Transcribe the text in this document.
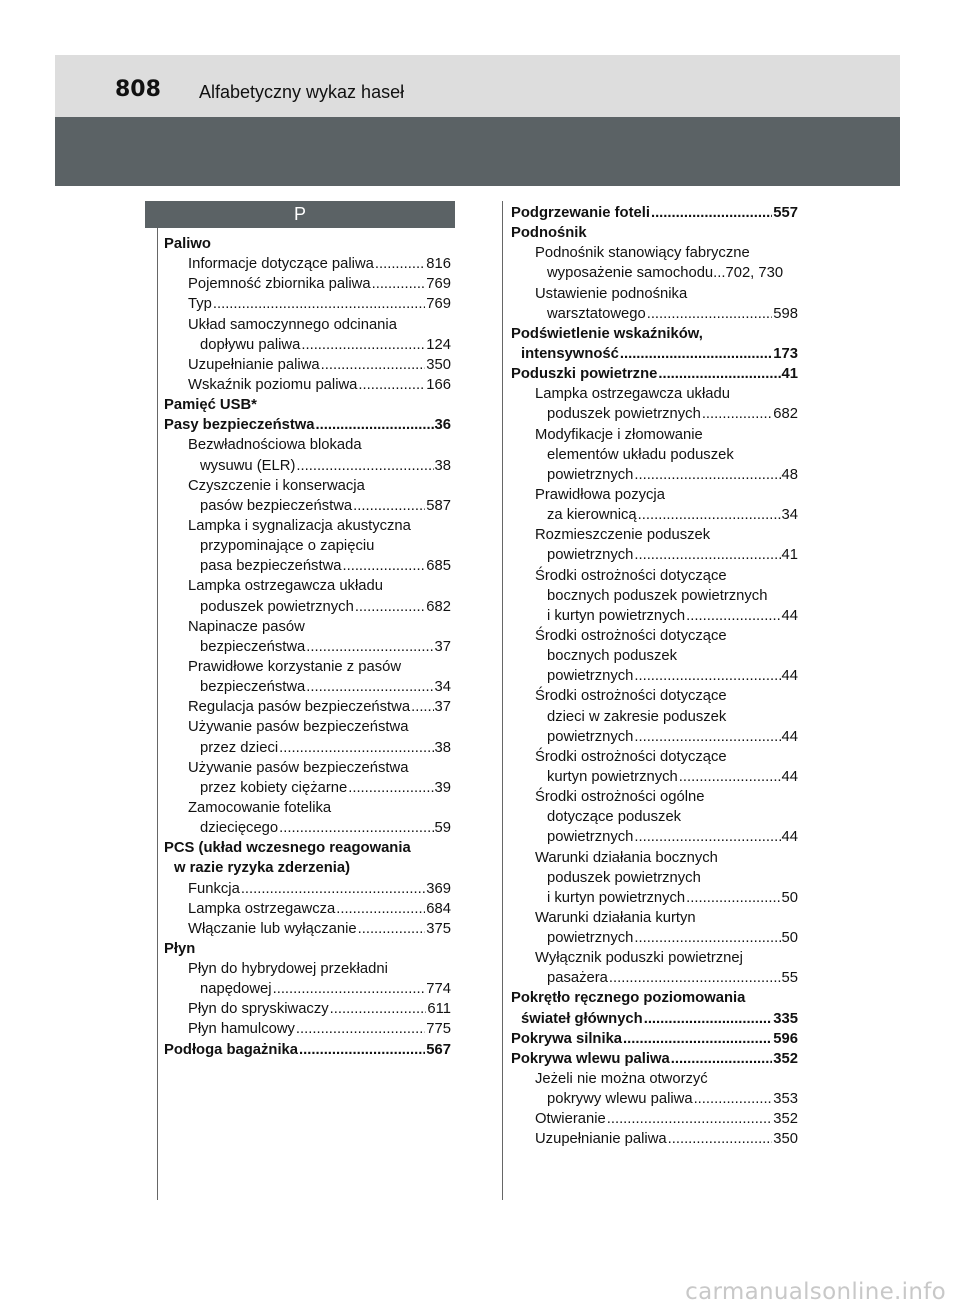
808 Alfabetyczny wykaz haseł
P
Paliwo
Informacje dotyczące paliwa .....	816
Pojemność zbiornika paliwa .....	769
Typ .....	769
Układ samoczynnego odcinania
dopływu paliwa .....	124
Uzupełnianie paliwa .....	350
Wskaźnik poziomu paliwa .....	166
Pamięć USB*
Pasy bezpieczeństwa .....	36
Bezwładnościowa blokada
wysuwu (ELR) .....	38
Czyszczenie i konserwacja
pasów bezpieczeństwa .....	587
Lampka i sygnalizacja akustyczna
przypominające o zapięciu
pasa bezpieczeństwa .....	685
Lampka ostrzegawcza układu
poduszek powietrznych .....	682
Napinacze pasów
bezpieczeństwa .....	37
Prawidłowe korzystanie z pasów
bezpieczeństwa .....	34
Regulacja pasów bezpieczeństwa ..... 37
Używanie pasów bezpieczeństwa
przez dzieci .....	38
Używanie pasów bezpieczeństwa
przez kobiety ciężarne .....	39
Zamocowanie fotelika
dziecięcego .....	59
PCS (układ wczesnego reagowania
w razie ryzyka zderzenia)
Funkcja .....	369
Lampka ostrzegawcza .....	684
Włączanie lub wyłączanie .....	375
Płyn
Płyn do hybrydowej przekładni
napędowej .....	774
Płyn do spryskiwaczy .....	611
Płyn hamulcowy .....	775
Podłoga bagażnika .....	567
Podgrzewanie foteli .....	557
Podnośnik
Podnośnik stanowiący fabryczne
wyposażenie samochodu...702, 730
Ustawienie podnośnika
warsztatowego .....	598
Podświetlenie wskaźników,
intensywność .....	173
Poduszki powietrzne .....	41
Lampka ostrzegawcza układu
poduszek powietrznych .....	682
Modyfikacje i złomowanie
elementów układu poduszek
powietrznych .....	48
Prawidłowa pozycja
za kierownicą .....	34
Rozmieszczenie poduszek
powietrznych .....	41
Środki ostrożności dotyczące
bocznych poduszek powietrznych
i kurtyn powietrznych .....	44
Środki ostrożności dotyczące
bocznych poduszek
powietrznych .....	44
Środki ostrożności dotyczące
dzieci w zakresie poduszek
powietrznych .....	44
Środki ostrożności dotyczące
kurtyn powietrznych .....	44
Środki ostrożności ogólne
dotyczące poduszek
powietrznych .....	44
Warunki działania bocznych
poduszek powietrznych
i kurtyn powietrznych .....	50
Warunki działania kurtyn
powietrznych .....	50
Wyłącznik poduszki powietrznej
pasażera .....	55
Pokrętło ręcznego poziomowania
świateł głównych .....	335
Pokrywa silnika .....	596
Pokrywa wlewu paliwa .....	352
Jeżeli nie można otworzyć
pokrywy wlewu paliwa .....	353
Otwieranie .....	352
Uzupełnianie paliwa .....	350
carmanualsonline.info
